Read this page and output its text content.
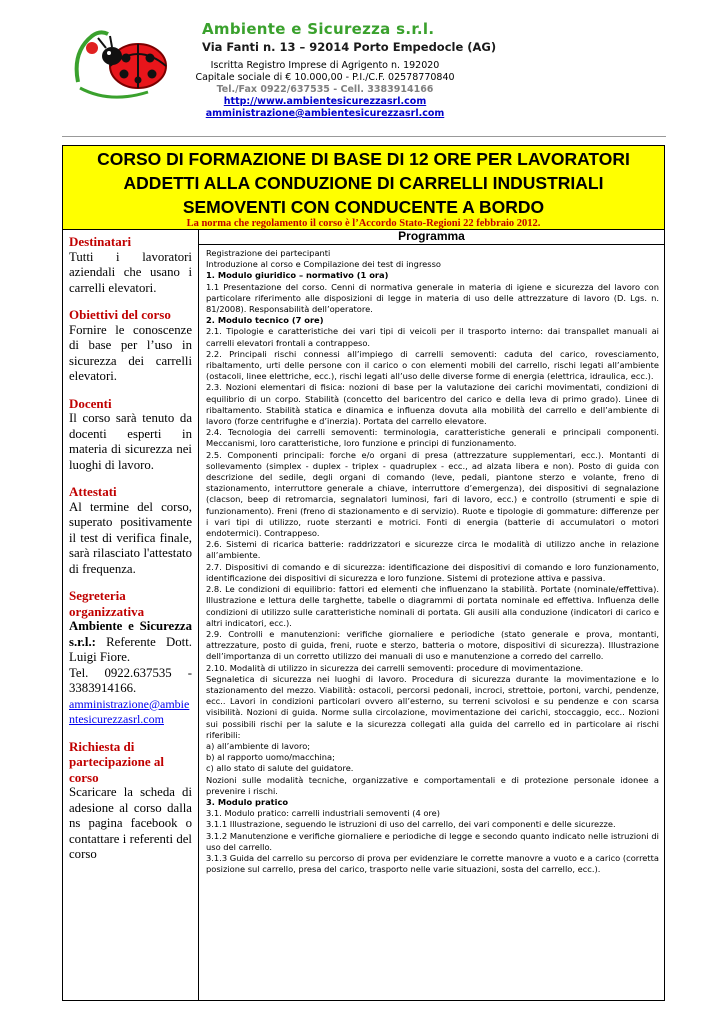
Ambiente e Sicurezza s.r.l.
Via Fanti n. 13 – 92014 Porto Empedocle (AG)
Iscritta Registro Imprese di Agrigento n. 192020
Capitale sociale di € 10.000,00 - P.I./C.F. 02578770840
Tel./Fax 0922/637535 - Cell. 3383914166
http://www.ambientesicurezzasrl.com
amministrazione@ambientesicurezzasrl.com
CORSO DI FORMAZIONE DI BASE DI 12 ORE PER LAVORATORI
ADDETTI ALLA CONDUZIONE DI CARRELLI INDUSTRIALI
SEMOVENTI CON CONDUCENTE A BORDO
La norma che regolamento il corso è l’Accordo Stato-Regioni 22 febbraio 2012.
Destinatari
Tutti i lavoratori aziendali che usano i carrelli elevatori.
Obiettivi del corso
Fornire le conoscenze di base per l’uso in sicurezza dei carrelli elevatori.
Docenti
Il corso sarà tenuto da docenti esperti in materia di sicurezza nei luoghi di lavoro.
Attestati
Al termine del corso, superato positivamente il test di verifica finale, sarà rilasciato l'attestato di frequenza.
Segreteria organizzativa
Ambiente e Sicurezza s.r.l.: Referente Dott. Luigi Fiore.
Tel. 0922.637535 - 3383914166.
amministrazione@ambientesicurezzasrl.com
Richiesta di partecipazione al corso
Scaricare la scheda di adesione al corso dalla ns pagina facebook o contattare i referenti del corso
Programma
Registrazione dei partecipanti
Introduzione al corso e Compilazione dei test di ingresso
1. Modulo giuridico – normativo (1 ora)
1.1 Presentazione del corso. Cenni di normativa generale in materia di igiene e sicurezza del lavoro con particolare riferimento alle disposizioni di legge in materia di uso delle attrezzature di lavoro (D. Lgs. n. 81/2008). Responsabilità dell’operatore.
2. Modulo tecnico (7 ore)
2.1. Tipologie e caratteristiche dei vari tipi di veicoli per il trasporto interno: dai transpallet manuali ai carrelli elevatori frontali a contrappeso.
2.2. Principali rischi connessi all’impiego di carrelli semoventi: caduta del carico, rovesciamento, ribaltamento, urti delle persone con il carico o con elementi mobili del carrello, rischi legati all’ambiente (ostacoli, linee elettriche, ecc.), rischi legati all’uso delle diverse forme di energia (elettrica, idraulica, ecc.).
2.3. Nozioni elementari di fisica: nozioni di base per la valutazione dei carichi movimentati, condizioni di equilibrio di un corpo. Stabilità (concetto del baricentro del carico e della leva di primo grado). Linee di ribaltamento. Stabilità statica e dinamica e influenza dovuta alla mobilità del carrello e dell’ambiente di lavoro (forze centrifughe e d’inerzia). Portata del carrello elevatore.
2.4. Tecnologia dei carrelli semoventi: terminologia, caratteristiche generali e principali componenti. Meccanismi, loro caratteristiche, loro funzione e principi di funzionamento.
2.5. Componenti principali: forche e/o organi di presa (attrezzature supplementari, ecc.). Montanti di sollevamento (simplex - duplex - triplex - quadruplex - ecc., ad alzata libera e non). Posto di guida con descrizione del sedile, degli organi di comando (leve, pedali, piantone sterzo e volante, freno di stazionamento, interruttore generale a chiave, interruttore d’emergenza), dei dispositivi di segnalazione (clacson, beep di retromarcia, segnalatori luminosi, fari di lavoro, ecc.) e controllo (strumenti e spie di funzionamento). Freni (freno di stazionamento e di servizio). Ruote e tipologie di gommature: differenze per i vari tipi di utilizzo, ruote sterzanti e motrici. Fonti di energia (batterie di accumulatori o motori endotermici). Contrappeso.
2.6. Sistemi di ricarica batterie: raddrizzatori e sicurezze circa le modalità di utilizzo anche in relazione all’ambiente.
2.7. Dispositivi di comando e di sicurezza: identificazione dei dispositivi di comando e loro funzionamento, identificazione dei dispositivi di sicurezza e loro funzione. Sistemi di protezione attiva e passiva.
2.8. Le condizioni di equilibrio: fattori ed elementi che influenzano la stabilità. Portate (nominale/effettiva). Illustrazione e lettura delle targhette, tabelle o diagrammi di portata nominale ed effettiva. Influenza delle condizioni di utilizzo sulle caratteristiche nominali di portata. Gli ausili alla conduzione (indicatori di carico e altri indicatori, ecc.).
2.9. Controlli e manutenzioni: verifiche giornaliere e periodiche (stato generale e prova, montanti, attrezzature, posto di guida, freni, ruote e sterzo, batteria o motore, dispositivi di sicurezza). Illustrazione dell’importanza di un corretto utilizzo dei manuali di uso e manutenzione a corredo del carrello.
2.10. Modalità di utilizzo in sicurezza dei carrelli semoventi: procedure di movimentazione.
Segnaletica di sicurezza nei luoghi di lavoro. Procedura di sicurezza durante la movimentazione e lo stazionamento del mezzo. Viabilità: ostacoli, percorsi pedonali, incroci, strettoie, portoni, varchi, pendenze, ecc.. Lavori in condizioni particolari ovvero all’esterno, su terreni scivolosi e su pendenze e con scarsa visibilità. Nozioni di guida. Norme sulla circolazione, movimentazione dei carichi, stoccaggio, ecc.. Nozioni sui possibili rischi per la salute e la sicurezza collegati alla guida del carrello ed in particolare ai rischi riferibili:
a) all’ambiente di lavoro;
b) al rapporto uomo/macchina;
c) allo stato di salute del guidatore.
Nozioni sulle modalità tecniche, organizzative e comportamentali e di protezione personale idonee a prevenire i rischi.
3. Modulo pratico
3.1. Modulo pratico: carrelli industriali semoventi (4 ore)
3.1.1 Illustrazione, seguendo le istruzioni di uso del carrello, dei vari componenti e delle sicurezze.
3.1.2 Manutenzione e verifiche giornaliere e periodiche di legge e secondo quanto indicato nelle istruzioni di uso del carrello.
3.1.3 Guida del carrello su percorso di prova per evidenziare le corrette manovre a vuoto e a carico (corretta posizione sul carrello, presa del carico, trasporto nelle varie situazioni, sosta del carrello, ecc.).
